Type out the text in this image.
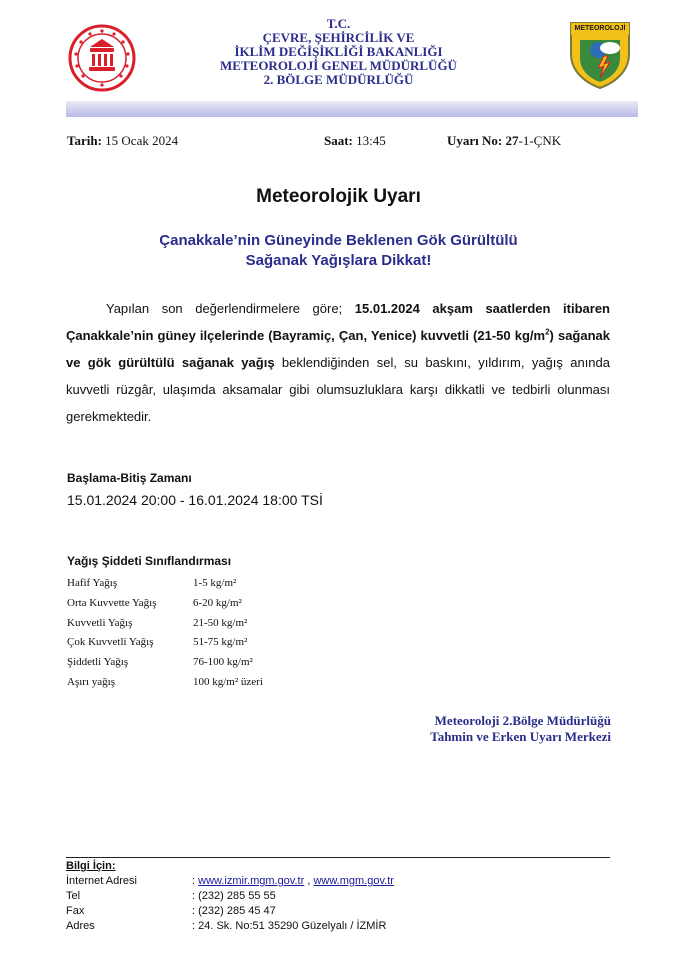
T.C.
ÇEVRE, ŞEHİRCİLİK VE
İKLİM DEĞİŞİKLİĞİ BAKANLIĞI
METEOROLOJİ GENEL MÜDÜRLÜĞÜ
2. BÖLGE MÜDÜRLÜĞÜ
METEOROLOJİ
Tarih: 15 Ocak 2024	Saat: 13:45	Uyarı No: 27-1-ÇNK
Meteorolojik Uyarı
Çanakkale’nin Güneyinde Beklenen Gök Gürültülü Sağanak Yağışlara Dikkat!
Yapılan son değerlendirmelere göre; 15.01.2024 akşam saatlerden itibaren Çanakkale’nin güney ilçelerinde (Bayramiç, Çan, Yenice) kuvvetli (21-50 $kg/m^2$) sağanak ve gök gürültülü sağanak yağış beklendiğinden sel, su baskını, yıldırım, yağış anında kuvvetli rüzgâr, ulaşımda aksamalar gibi olumsuzluklara karşı dikkatli ve tedbirli olunması gerekmektedir.
Başlama-Bitiş Zamanı
15.01.2024 20:00 - 16.01.2024 18:00 TSİ
Yağış Şiddeti Sınıflandırması
Hafif Yağış	1-5 kg/m²
Orta Kuvvette Yağış	6-20 kg/m²
Kuvvetli Yağış	21-50 kg/m²
Çok Kuvvetli Yağış	51-75 kg/m²
Şiddetli Yağış	76-100 kg/m²
Aşırı yağış	100 kg/m² üzeri
Meteoroloji 2.Bölge Müdürlüğü
Tahmin ve Erken Uyarı Merkezi
Bilgi İçin:
İnternet Adresi	: www.izmir.mgm.gov.tr , www.mgm.gov.tr
Tel	: (232) 285 55 55
Fax	: (232) 285 45 47
Adres	: 24. Sk. No:51 35290 Güzelyalı / İZMİR
